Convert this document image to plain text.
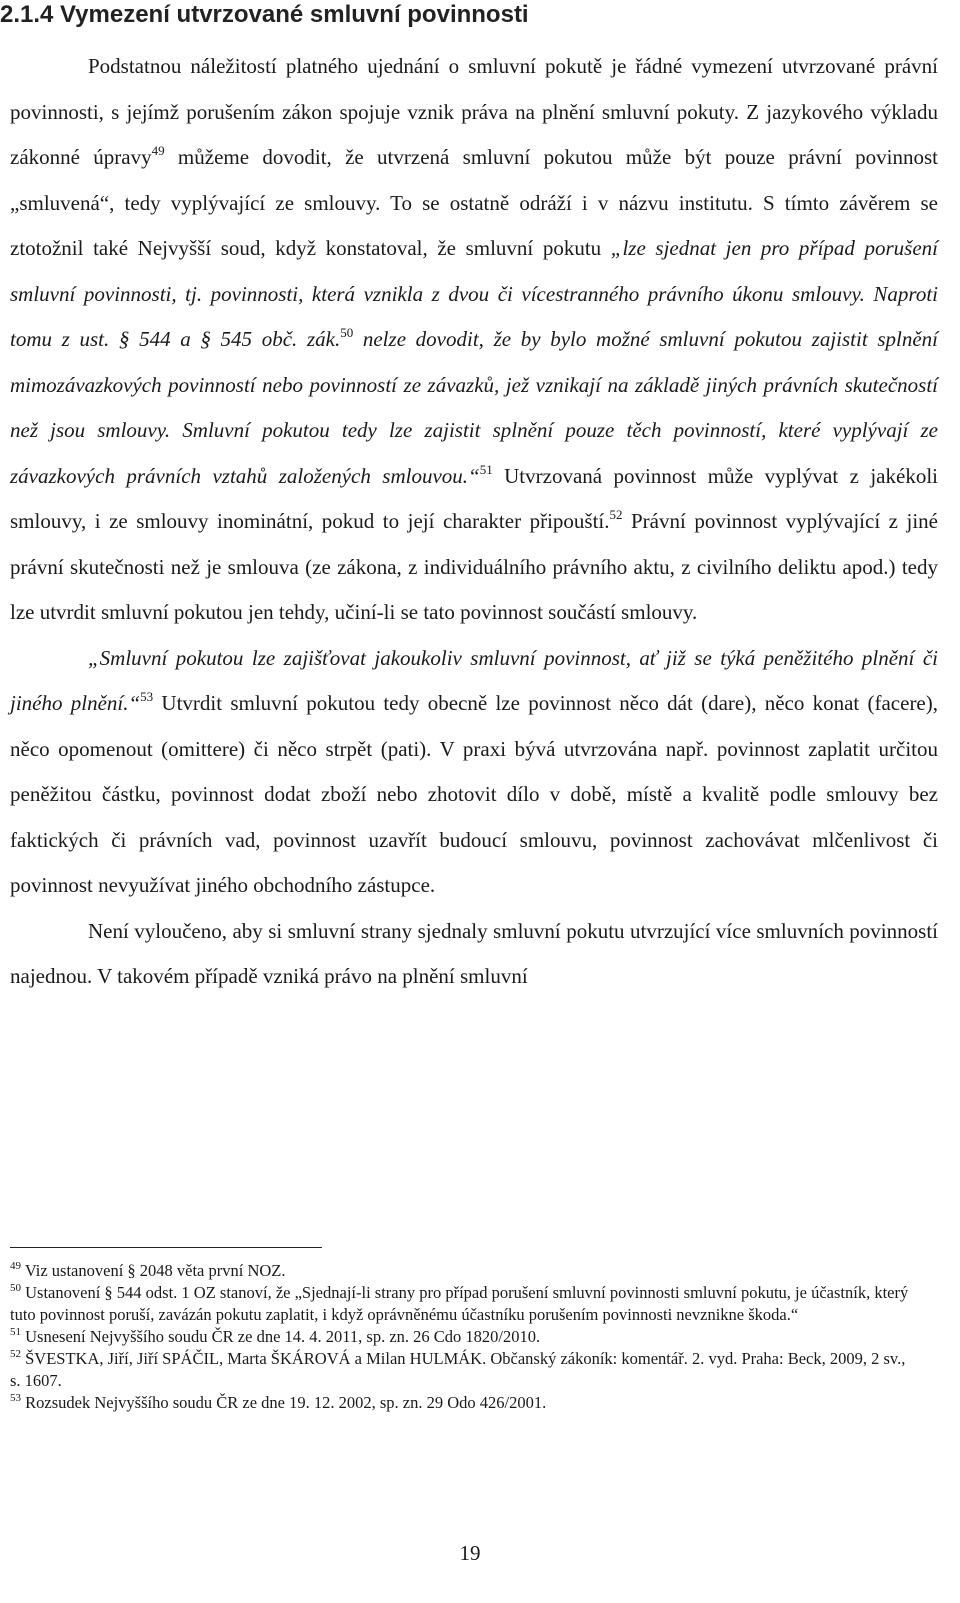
2.1.4 Vymezení utvrzované smluvní povinnosti

Podstatnou náležitostí platného ujednání o smluvní pokutě je řádné vymezení utvrzované právní povinnosti, s jejímž porušením zákon spojuje vznik práva na plnění smluvní pokuty. Z jazykového výkladu zákonné úpravy$^{49}$ můžeme dovodit, že utvrzená smluvní pokutou může být pouze právní povinnost „smluvená“, tedy vyplývající ze smlouvy. To se ostatně odráží i v názvu institutu. S tímto závěrem se ztotožnil také Nejvyšší soud, když konstatoval, že smluvní pokutu „lze sjednat jen pro případ porušení smluvní povinnosti, tj. povinnosti, která vznikla z dvou či vícestranného právního úkonu smlouvy. Naproti tomu z ust. § 544 a § 545 obč. zák.$^{50}$ nelze dovodit, že by bylo možné smluvní pokutou zajistit splnění mimozávazkových povinností nebo povinností ze závazků, jež vznikají na základě jiných právních skutečností než jsou smlouvy. Smluvní pokutou tedy lze zajistit splnění pouze těch povinností, které vyplývají ze závazkových právních vztahů založených smlouvou.“$^{51}$ Utvrzovaná povinnost může vyplývat z jakékoli smlouvy, i ze smlouvy inominátní, pokud to její charakter připouští.$^{52}$ Právní povinnost vyplývající z jiné právní skutečnosti než je smlouva (ze zákona, z individuálního právního aktu, z civilního deliktu apod.) tedy lze utvrdit smluvní pokutou jen tehdy, učiní-li se tato povinnost součástí smlouvy.

„Smluvní pokutou lze zajišťovat jakoukoliv smluvní povinnost, ať již se týká peněžitého plnění či jiného plnění.“$^{53}$ Utvrdit smluvní pokutou tedy obecně lze povinnost něco dát (dare), něco konat (facere), něco opomenout (omittere) či něco strpět (pati). V praxi bývá utvrzována např. povinnost zaplatit určitou peněžitou částku, povinnost dodat zboží nebo zhotovit dílo v době, místě a kvalitě podle smlouvy bez faktických či právních vad, povinnost uzavřít budoucí smlouvu, povinnost zachovávat mlčenlivost či povinnost nevyužívat jiného obchodního zástupce.

Není vyloučeno, aby si smluvní strany sjednaly smluvní pokutu utvrzující více smluvních povinností najednou. V takovém případě vzniká právo na plnění smluvní

$^{49}$ Viz ustanovení § 2048 věta první NOZ.

$^{50}$ Ustanovení § 544 odst. 1 OZ stanoví, že „Sjednají-li strany pro případ porušení smluvní povinnosti smluvní pokutu, je účastník, který tuto povinnost poruší, zavázán pokutu zaplatit, i když oprávněnému účastníku porušením povinnosti nevznikne škoda.“

$^{51}$ Usnesení Nejvyššího soudu ČR ze dne 14. 4. 2011, sp. zn. 26 Cdo 1820/2010.

$^{52}$ ŠVESTKA, Jiří, Jiří SPÁČIL, Marta ŠKÁROVÁ a Milan HULMÁK. Občanský zákoník: komentář. 2. vyd. Praha: Beck, 2009, 2 sv., s. 1607.

$^{53}$ Rozsudek Nejvyššího soudu ČR ze dne 19. 12. 2002, sp. zn. 29 Odo 426/2001.

19
